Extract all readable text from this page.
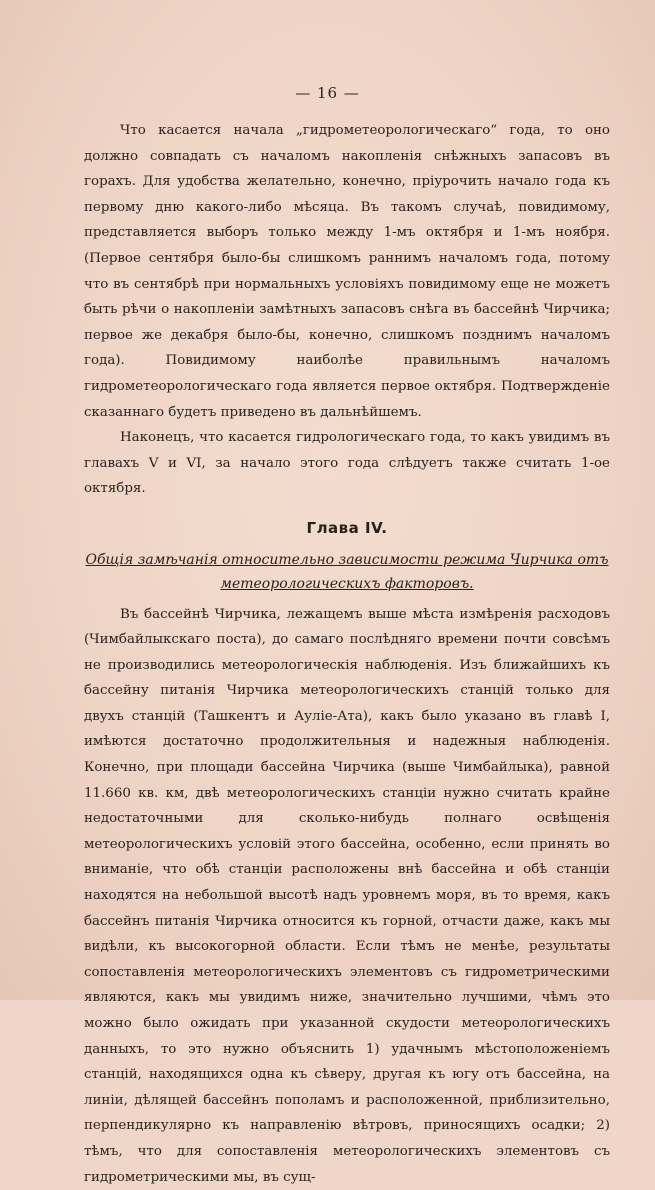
— 16 —

Что касается начала „гидрометеорологическаго“ года, то оно должно совпадать съ началомъ накопленія снѣжныхъ запасовъ въ горахъ. Для удобства желательно, конечно, пріурочить начало года къ первому дню какого-либо мѣсяца. Въ такомъ случаѣ, повидимому, представляется выборъ только между 1-мъ октября и 1-мъ ноября. (Первое сентября было-бы слишкомъ раннимъ началомъ года, потому что въ сентябрѣ при нормальныхъ условіяхъ повидимому еще не можетъ быть рѣчи о накопленіи замѣтныхъ запасовъ снѣга въ бассейнѣ Чирчика; первое же декабря было-бы, конечно, слишкомъ позднимъ началомъ года). Повидимому наиболѣе правильнымъ началомъ гидрометеорологическаго года является первое октября. Подтвержденіе сказаннаго будетъ приведено въ дальнѣйшемъ.

Наконецъ, что касается гидрологическаго года, то какъ увидимъ въ главахъ V и VI, за начало этого года слѣдуетъ также считать 1-ое октября.

Глава IV.
Общія замѣчанія относительно зависимости режима Чирчика отъ
метеорологическихъ факторовъ.

Въ бассейнѣ Чирчика, лежащемъ выше мѣста измѣренія расходовъ (Чимбайлыкскаго поста), до самаго послѣдняго времени почти совсѣмъ не производились метеорологическія наблюденія. Изъ ближайшихъ къ бассейну питанія Чирчика метеорологическихъ станцій только для двухъ станцій (Ташкентъ и Аулiе-Ата), какъ было указано въ главѣ I, имѣются достаточно продолжительныя и надежныя наблюденія. Конечно, при площади бассейна Чирчика (выше Чимбайлыка), равной 11.660 кв. км, двѣ метеорологическихъ станціи нужно считать крайне недостаточными для сколько-нибудь полнаго освѣщенія метеорологическихъ условій этого бассейна, особенно, если принять во вниманіе, что обѣ станціи расположены внѣ бассейна и обѣ станціи находятся на небольшой высотѣ надъ уровнемъ моря, въ то время, какъ бассейнъ питанія Чирчика относится къ горной, отчасти даже, какъ мы видѣли, къ высокогорной области. Если тѣмъ не менѣе, результаты сопоставленія метеорологическихъ элементовъ съ гидрометрическими являются, какъ мы увидимъ ниже, значительно лучшими, чѣмъ это можно было ожидать при указанной скудости метеорологическихъ данныхъ, то это нужно объяснить 1) удачнымъ мѣстоположеніемъ станцій, находящихся одна къ сѣверу, другая къ югу отъ бассейна, на линіи, дѣлящей бассейнъ пополамъ и расположенной, приблизительно, перпендикулярно къ направленію вѣтровъ, приносящихъ осадки; 2) тѣмъ, что для сопоставленія метеорологическихъ элементовъ съ гидрометрическими мы, въ сущ-
